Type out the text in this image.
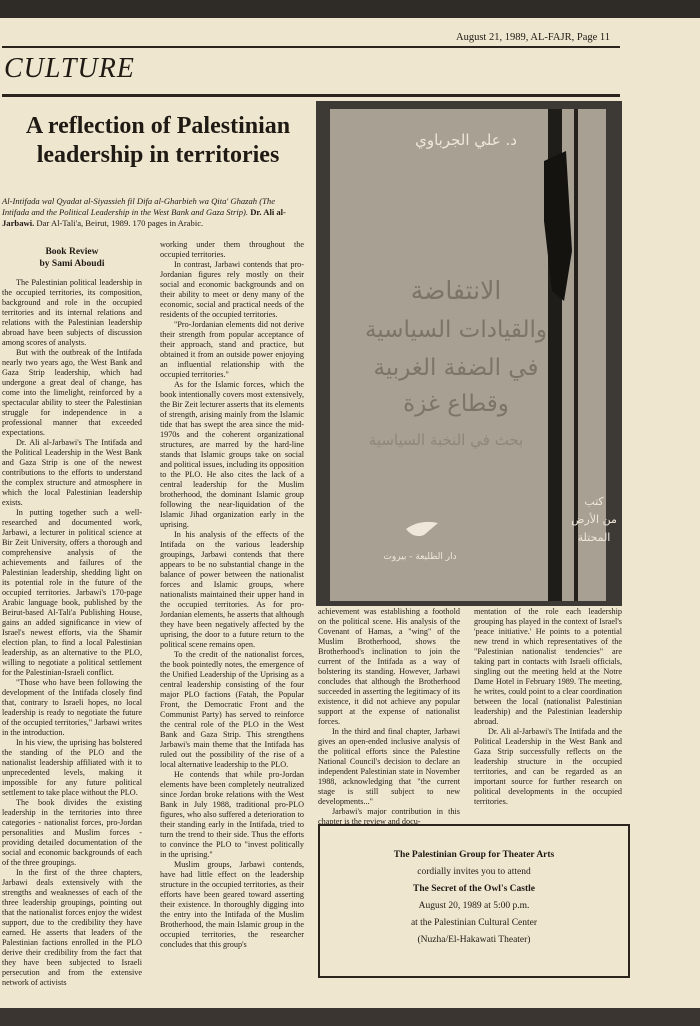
August 21, 1989, AL-FAJR, Page 11
CULTURE
A reflection of Palestinian leadership in territories
Al-Intifada wal Qyadat al-Siyassieh fil Difa al-Gharbieh wa Qita' Ghazah (The Intifada and the Political Leadership in the West Bank and Gaza Strip). Dr. Ali al-Jarbawi. Dar Al-Tali'a, Beirut, 1989. 170 pages in Arabic.
Book Review
by Sami Aboudi

The Palestinian political leadership in the occupied territories, its composition, background and role in the occupied territories and its internal relations and relations with the Palestinian leadership abroad have been subjects of discussion among scores of analysts.

But with the outbreak of the Intifada nearly two years ago, the West Bank and Gaza Strip leadership, which had undergone a great deal of change, has come into the limelight, reinforced by a spectacular ability to steer the Palestinian struggle for independence in a professional manner that exceeded expectations.

Dr. Ali al-Jarbawi's The Intifada and the Political Leadership in the West Bank and Gaza Strip is one of the newest contributions to the efforts to understand the complex structure and atmosphere in which the local Palestinian leadership exists.

In putting together such a well-researched and documented work, Jarbawi, a lecturer in political science at Bir Zeit University, offers a thorough and comprehensive analysis of the achievements and failures of the Palestinian leadership, shedding light on its potential role in the future of the occupied territories. Jarbawi's 170-page Arabic language book, published by the Beirut-based Al-Tali'a Publishing House, gains an added significance in view of Israel's newest efforts, via the Shamir election plan, to find a local Palestinian leadership, as an alternative to the PLO, willing to negotiate a political settlement for the Palestinian-Israeli conflict.

"Those who have been following the development of the Intifada closely find that, contrary to Israeli hopes, no local leadership is ready to negotiate the future of the occupied territories," Jarbawi writes in the introduction.

In his view, the uprising has bolstered the standing of the PLO and the nationalist leadership affiliated with it to unprecedented levels, making it impossible for any future political settlement to take place without the PLO.

The book divides the existing leadership in the territories into three categories - nationalist forces, pro-Jordan personalities and Muslim forces - providing detailed documentation of the social and economic backgrounds of each of the three groupings.

In the first of the three chapters, Jarbawi deals extensively with the strengths and weaknesses of each of the three leadership groupings, pointing out that the nationalist forces enjoy the widest support, due to the credibility they have earned. He asserts that leaders of the Palestinian factions enrolled in the PLO derive their credibility from the fact that they have been subjected to Israeli persecution and from the extensive network of activists

working under them throughout the occupied territories.

In contrast, Jarbawi contends that pro-Jordanian figures rely mostly on their social and economic backgrounds and on their ability to meet or deny many of the economic, social and practical needs of the residents of the occupied territories.

"Pro-Jordanian elements did not derive their strength from popular acceptance of their approach, stand and practice, but obtained it from an outside power enjoying an influential relationship with the occupied territories."

As for the Islamic forces, which the book intentionally covers most extensively, the Bir Zeit lecturer asserts that its elements of strength, arising mainly from the Islamic tide that has swept the area since the mid-1970s and the coherent organizational structures, are marred by the hard-line stands that Islamic groups take on social and political issues, including its opposition to the PLO. He also cites the lack of a central leadership for the Muslim brotherhood, the dominant Islamic group following the near-liquidation of the Islamic Jihad organization early in the uprising.

In his analysis of the effects of the Intifada on the various leadership groupings, Jarbawi contends that there appears to be no substantial change in the balance of power between the nationalist forces and Islamic groups, where nationalists maintained their upper hand in the occupied territories. As for pro-Jordanian elements, he asserts that although they have been negatively affected by the uprising, the door to a future return to the political scene remains open.

To the credit of the nationalist forces, the book pointedly notes, the emergence of the Unified Leadership of the Uprising as a central leadership consisting of the four major PLO factions (Fatah, the Popular Front, the Democratic Front and the Communist Party) has served to reinforce the central role of the PLO in the West Bank and Gaza Strip. This strengthens Jarbawi's main theme that the Intifada has ruled out the possibility of the rise of a local alternative leadership to the PLO.

He contends that while pro-Jordan elements have been completely neutralized since Jordan broke relations with the West Bank in July 1988, traditional pro-PLO figures, who also suffered a deterioration to their standing early in the Intifada, tried to turn the trend to their side. Thus the efforts to convince the PLO to "invest politically in the uprising."

Muslim groups, Jarbawi contends, have had little effect on the leadership structure in the occupied territories, as their efforts have been geared toward asserting their existence. In thoroughly digging into the entry into the Intifada of the Muslim Brotherhood, the main Islamic group in the occupied territories, the researcher concludes that this group's

achievement was establishing a foothold on the political scene. His analysis of the Covenant of Hamas, a "wing" of the Muslim Brotherhood, shows the Brotherhood's inclination to join the current of the Intifada as a way of bolstering its standing. However, Jarbawi concludes that although the Brotherhood succeeded in asserting the legitimacy of its existence, it did not achieve any popular support at the expense of nationalist forces.

In the third and final chapter, Jarbawi gives an open-ended inclusive analysis of the political efforts since the Palestine National Council's decision to declare an independent Palestinian state in November 1988, acknowledging that "the current stage is still subject to new developments..."

Jarbawi's major contribution in this chapter is the review and docu-

mentation of the role each leadership grouping has played in the context of Israel's 'peace initiative.' He points to a potential new trend in which representatives of the "Palestinian nationalist tendencies" are taking part in contacts with Israeli officials, singling out the meeting held at the Notre Dame Hotel in February 1989. The meeting, he writes, could point to a clear coordination between the local (nationalist Palestinian leadership) and the Palestinian leadership abroad.

Dr. Ali al-Jarbawi's The Intifada and the Political Leadership in the West Bank and Gaza Strip successfully reflects on the leadership structure in the occupied territories, and can be regarded as an important source for further research on political developments in the occupied territories.

د. علي الجرباوي
الانتفاضة
والقيادات السياسية
في الضفة الغربية
وقطاع غزة
بحث في النخبة السياسية
دار الطليعة - بيروت
كتب
من الأرض
المحتلة
The Palestinian Group for Theater Arts
cordially invites you to attend
The Secret of the Owl's Castle
August 20, 1989 at 5:00 p.m.
at the Palestinian Cultural Center
(Nuzha/El-Hakawati Theater)
